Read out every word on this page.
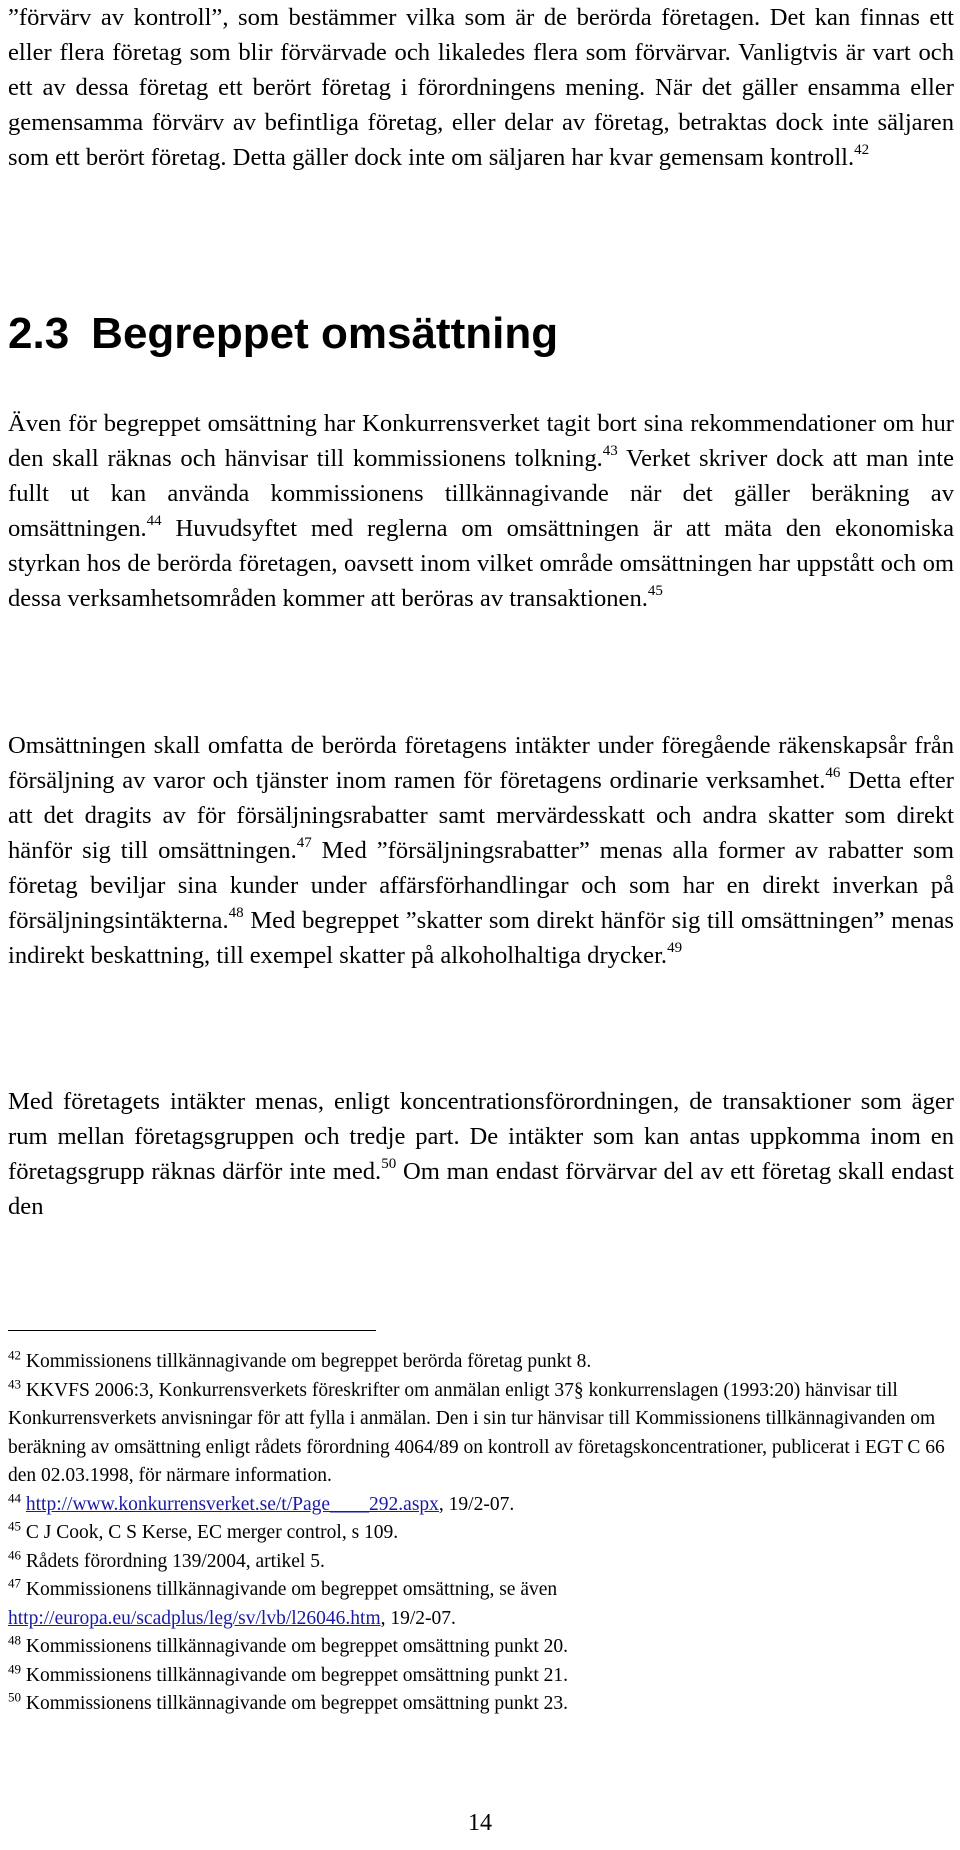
”förvärv av kontroll”, som bestämmer vilka som är de berörda företagen. Det kan finnas ett eller flera företag som blir förvärvade och likaledes flera som förvärvar. Vanligtvis är vart och ett av dessa företag ett berört företag i förordningens mening. När det gäller ensamma eller gemensamma förvärv av befintliga företag, eller delar av företag, betraktas dock inte säljaren som ett berört företag. Detta gäller dock inte om säljaren har kvar gemensam kontroll.$^{42}$

2.3 Begreppet omsättning

Även för begreppet omsättning har Konkurrensverket tagit bort sina rekommendationer om hur den skall räknas och hänvisar till kommissionens tolkning.$^{43}$ Verket skriver dock att man inte fullt ut kan använda kommissionens tillkännagivande när det gäller beräkning av omsättningen.$^{44}$ Huvudsyftet med reglerna om omsättningen är att mäta den ekonomiska styrkan hos de berörda företagen, oavsett inom vilket område omsättningen har uppstått och om dessa verksamhetsområden kommer att beröras av transaktionen.$^{45}$

Omsättningen skall omfatta de berörda företagens intäkter under föregående räkenskapsår från försäljning av varor och tjänster inom ramen för företagens ordinarie verksamhet.$^{46}$ Detta efter att det dragits av för försäljningsrabatter samt mervärdesskatt och andra skatter som direkt hänför sig till omsättningen.$^{47}$ Med ”försäljningsrabatter” menas alla former av rabatter som företag beviljar sina kunder under affärsförhandlingar och som har en direkt inverkan på försäljningsintäkterna.$^{48}$ Med begreppet ”skatter som direkt hänför sig till omsättningen” menas indirekt beskattning, till exempel skatter på alkoholhaltiga drycker.$^{49}$

Med företagets intäkter menas, enligt koncentrationsförordningen, de transaktioner som äger rum mellan företagsgruppen och tredje part. De intäkter som kan antas uppkomma inom en företagsgrupp räknas därför inte med.$^{50}$ Om man endast förvärvar del av ett företag skall endast den

$^{42}$ Kommissionens tillkännagivande om begreppet berörda företag punkt 8.
$^{43}$ KKVFS 2006:3, Konkurrensverkets föreskrifter om anmälan enligt 37§ konkurrenslagen (1993:20) hänvisar till Konkurrensverkets anvisningar för att fylla i anmälan. Den i sin tur hänvisar till Kommissionens tillkännagivanden om beräkning av omsättning enligt rådets förordning 4064/89 on kontroll av företagskoncentrationer, publicerat i EGT C 66 den 02.03.1998, för närmare information.
$^{44}$ http://www.konkurrensverket.se/t/Page____292.aspx, 19/2-07.
$^{45}$ C J Cook, C S Kerse, EC merger control, s 109.
$^{46}$ Rådets förordning 139/2004, artikel 5.
$^{47}$ Kommissionens tillkännagivande om begreppet omsättning, se även
http://europa.eu/scadplus/leg/sv/lvb/l26046.htm, 19/2-07.
$^{48}$ Kommissionens tillkännagivande om begreppet omsättning punkt 20.
$^{49}$ Kommissionens tillkännagivande om begreppet omsättning punkt 21.
$^{50}$ Kommissionens tillkännagivande om begreppet omsättning punkt 23.
14
